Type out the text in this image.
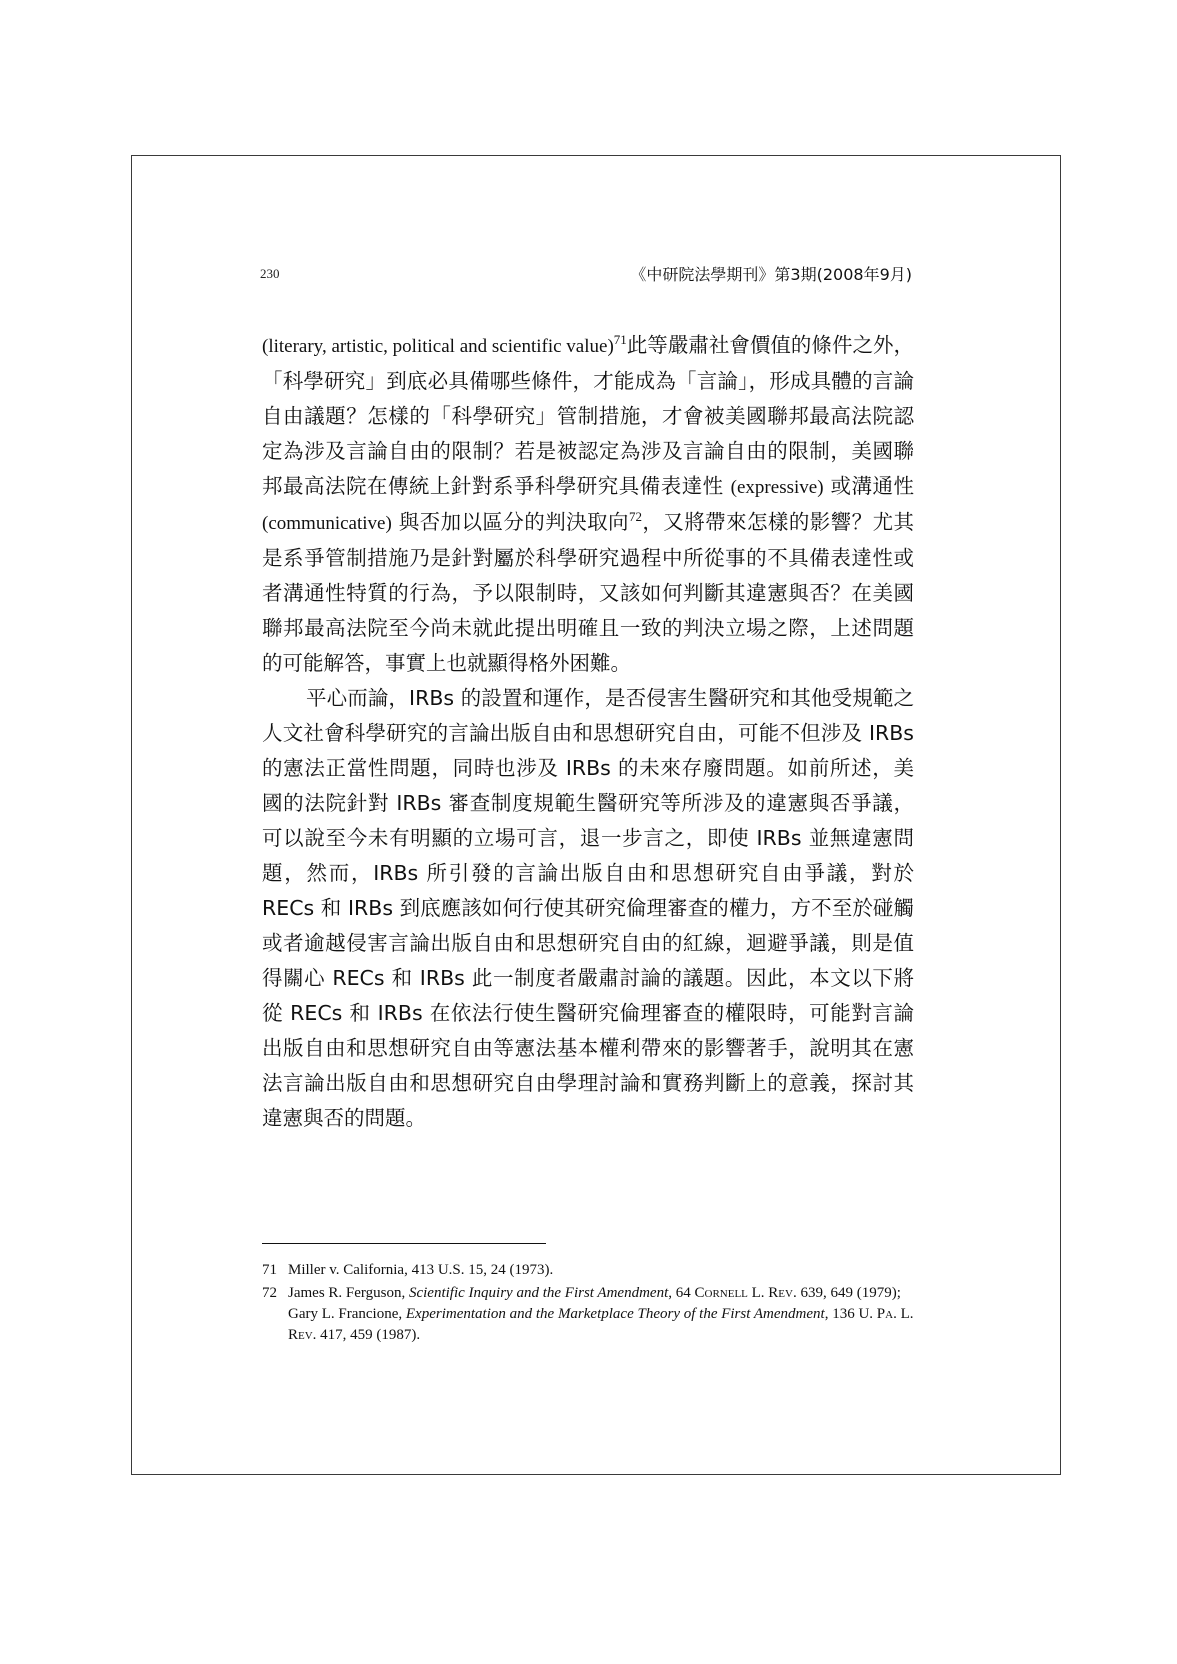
230	《中研院法學期刊》第3期(2008年9月)

(literary, artistic, political and scientific value)$^{71}$此等嚴肅社會價值的條件之外，「科學研究」到底必具備哪些條件，才能成為「言論」，形成具體的言論自由議題？怎樣的「科學研究」管制措施，才會被美國聯邦最高法院認定為涉及言論自由的限制？若是被認定為涉及言論自由的限制，美國聯邦最高法院在傳統上針對系爭科學研究具備表達性 (expressive) 或溝通性 (communicative) 與否加以區分的判決取向$^{72}$，又將帶來怎樣的影響？尤其是系爭管制措施乃是針對屬於科學研究過程中所從事的不具備表達性或者溝通性特質的行為，予以限制時，又該如何判斷其違憲與否？在美國聯邦最高法院至今尚未就此提出明確且一致的判決立場之際，上述問題的可能解答，事實上也就顯得格外困難。

平心而論，IRBs 的設置和運作，是否侵害生醫研究和其他受規範之人文社會科學研究的言論出版自由和思想研究自由，可能不但涉及 IRBs 的憲法正當性問題，同時也涉及 IRBs 的未來存廢問題。如前所述，美國的法院針對 IRBs 審查制度規範生醫研究等所涉及的違憲與否爭議，可以說至今未有明顯的立場可言，退一步言之，即使 IRBs 並無違憲問題，然而，IRBs 所引發的言論出版自由和思想研究自由爭議，對於 RECs 和 IRBs 到底應該如何行使其研究倫理審查的權力，方不至於碰觸或者逾越侵害言論出版自由和思想研究自由的紅線，迴避爭議，則是值得關心 RECs 和 IRBs 此一制度者嚴肅討論的議題。因此，本文以下將從 RECs 和 IRBs 在依法行使生醫研究倫理審查的權限時，可能對言論出版自由和思想研究自由等憲法基本權利帶來的影響著手，說明其在憲法言論出版自由和思想研究自由學理討論和實務判斷上的意義，探討其違憲與否的問題。

71 Miller v. California, 413 U.S. 15, 24 (1973).
72 James R. Ferguson, Scientific Inquiry and the First Amendment, 64 Cornell L. Rev. 639, 649 (1979); Gary L. Francione, Experimentation and the Marketplace Theory of the First Amendment, 136 U. Pa. L. Rev. 417, 459 (1987).
